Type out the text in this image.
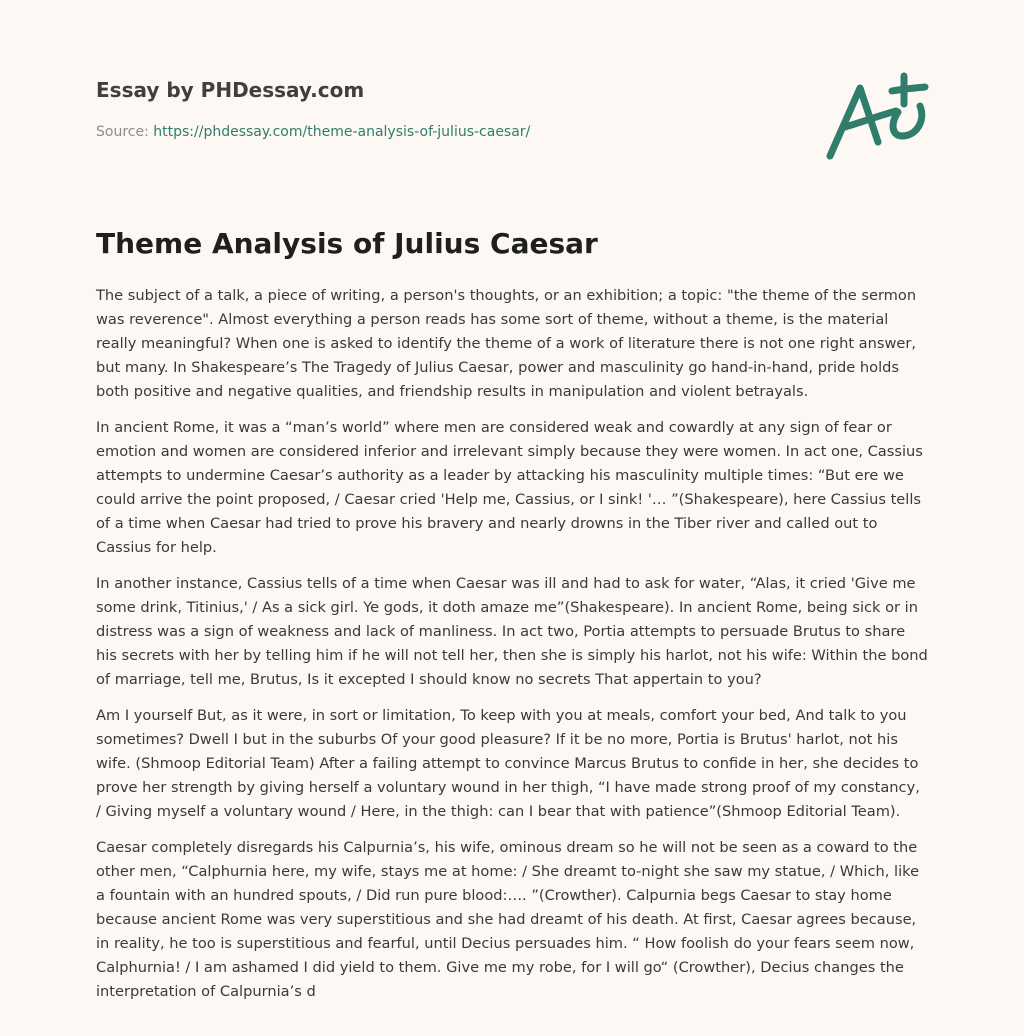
Essay by PHDessay.com
Source: https://phdessay.com/theme-analysis-of-julius-caesar/
Theme Analysis of Julius Caesar

The subject of a talk, a piece of writing, a person's thoughts, or an exhibition; a topic: "the theme of the sermon was reverence". Almost everything a person reads has some sort of theme, without a theme, is the material really meaningful? When one is asked to identify the theme of a work of literature there is not one right answer, but many. In Shakespeare’s The Tragedy of Julius Caesar, power and masculinity go hand-in-hand, pride holds both positive and negative qualities, and friendship results in manipulation and violent betrayals.

In ancient Rome, it was a “man’s world” where men are considered weak and cowardly at any sign of fear or emotion and women are considered inferior and irrelevant simply because they were women. In act one, Cassius attempts to undermine Caesar’s authority as a leader by attacking his masculinity multiple times: “But ere we could arrive the point proposed, / Caesar cried 'Help me, Cassius, or I sink! '… ”(Shakespeare), here Cassius tells of a time when Caesar had tried to prove his bravery and nearly drowns in the Tiber river and called out to Cassius for help.

In another instance, Cassius tells of a time when Caesar was ill and had to ask for water, “Alas, it cried 'Give me some drink, Titinius,' / As a sick girl. Ye gods, it doth amaze me”(Shakespeare). In ancient Rome, being sick or in distress was a sign of weakness and lack of manliness. In act two, Portia attempts to persuade Brutus to share his secrets with her by telling him if he will not tell her, then she is simply his harlot, not his wife: Within the bond of marriage, tell me, Brutus, Is it excepted I should know no secrets That appertain to you?

Am I yourself But, as it were, in sort or limitation, To keep with you at meals, comfort your bed, And talk to you sometimes? Dwell I but in the suburbs Of your good pleasure? If it be no more, Portia is Brutus' harlot, not his wife. (Shmoop Editorial Team) After a failing attempt to convince Marcus Brutus to confide in her, she decides to prove her strength by giving herself a voluntary wound in her thigh, “I have made strong proof of my constancy, / Giving myself a voluntary wound / Here, in the thigh: can I bear that with patience”(Shmoop Editorial Team).

Caesar completely disregards his Calpurnia’s, his wife, ominous dream so he will not be seen as a coward to the other men, “Calphurnia here, my wife, stays me at home: / She dreamt to-night she saw my statue, / Which, like a fountain with an hundred spouts, / Did run pure blood:…. ”(Crowther). Calpurnia begs Caesar to stay home because ancient Rome was very superstitious and she had dreamt of his death. At first, Caesar agrees because, in reality, he too is superstitious and fearful, until Decius persuades him. “ How foolish do your fears seem now, Calphurnia! / I am ashamed I did yield to them. Give me my robe, for I will go“ (Crowther), Decius changes the interpretation of Calpurnia’s d
